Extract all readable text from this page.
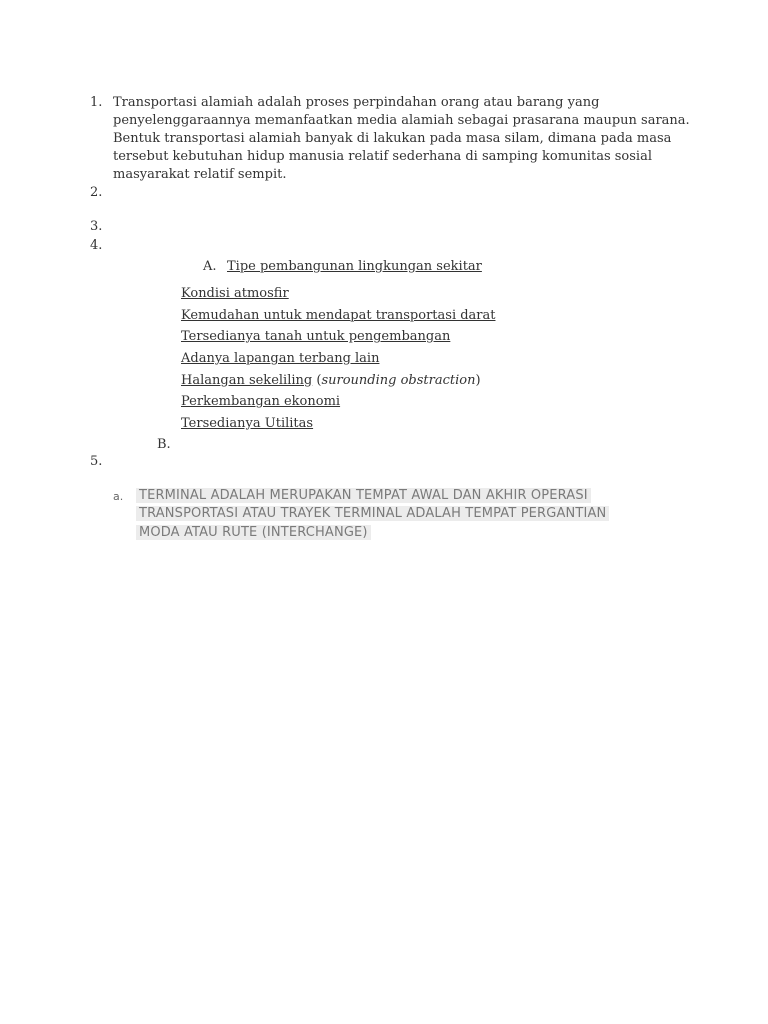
1. Transportasi alamiah adalah proses perpindahan orang atau barang yang penyelenggaraannya memanfaatkan media alamiah sebagai prasarana maupun sarana. Bentuk transportasi alamiah banyak di lakukan pada masa silam, dimana pada masa tersebut kebutuhan hidup manusia relatif sederhana di samping komunitas sosial masyarakat relatif sempit.
2.
3.
4.
A. Tipe pembangunan lingkungan sekitar
Kondisi atmosfir
Kemudahan untuk mendapat transportasi darat
Tersedianya tanah untuk pengembangan
Adanya lapangan terbang lain
Halangan sekeliling (surounding obstraction)
Perkembangan ekonomi
Tersedianya Utilitas
B.
5.
a. TERMINAL ADALAH MERUPAKAN TEMPAT AWAL DAN AKHIR OPERASI
TRANSPORTASI ATAU TRAYEK TERMINAL ADALAH TEMPAT PERGANTIAN
MODA ATAU RUTE (INTERCHANGE)
